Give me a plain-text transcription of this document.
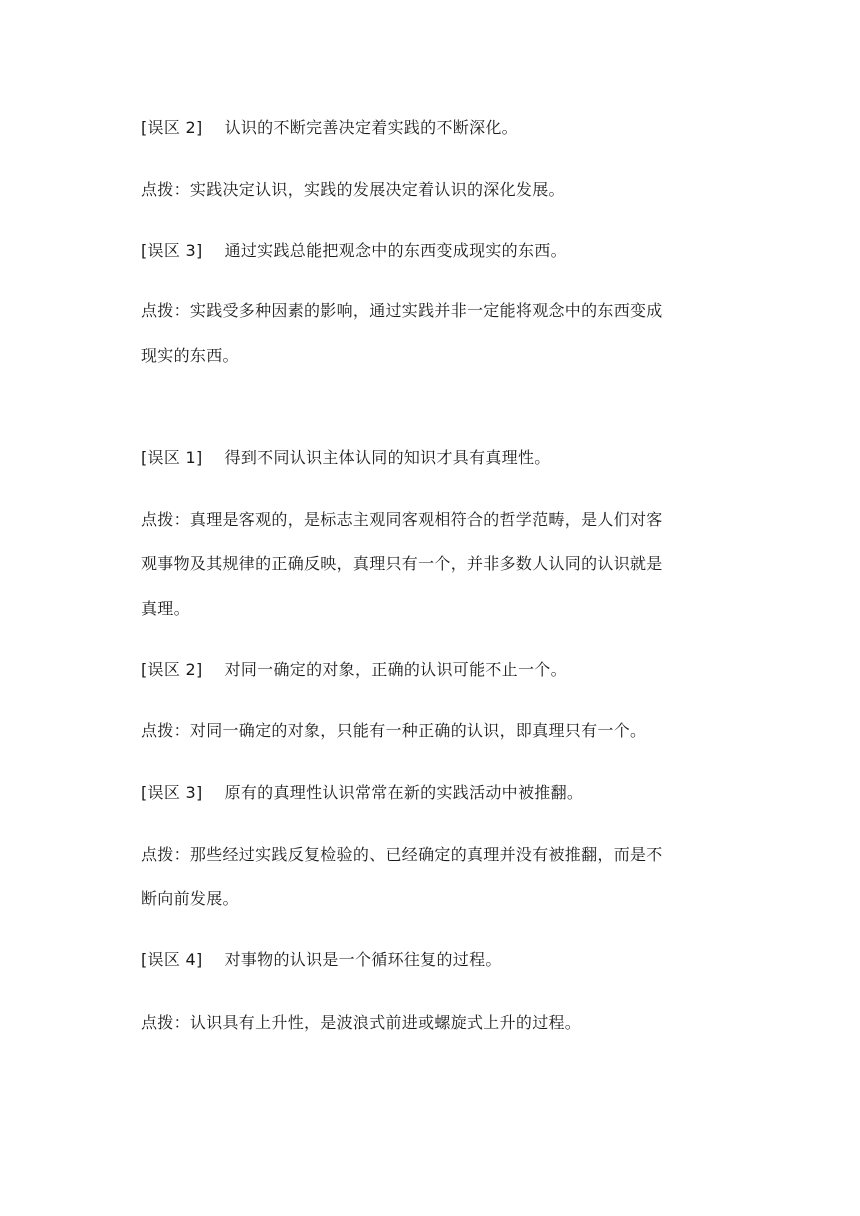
[误区 2] 认识的不断完善决定着实践的不断深化。
点拨：实践决定认识，实践的发展决定着认识的深化发展。
[误区 3] 通过实践总能把观念中的东西变成现实的东西。
点拨：实践受多种因素的影响，通过实践并非一定能将观念中的东西变成
现实的东西。
[误区 1] 得到不同认识主体认同的知识才具有真理性。
点拨：真理是客观的，是标志主观同客观相符合的哲学范畴，是人们对客
观事物及其规律的正确反映，真理只有一个，并非多数人认同的认识就是
真理。
[误区 2] 对同一确定的对象，正确的认识可能不止一个。
点拨：对同一确定的对象，只能有一种正确的认识，即真理只有一个。
[误区 3] 原有的真理性认识常常在新的实践活动中被推翻。
点拨：那些经过实践反复检验的、已经确定的真理并没有被推翻，而是不
断向前发展。
[误区 4] 对事物的认识是一个循环往复的过程。
点拨：认识具有上升性，是波浪式前进或螺旋式上升的过程。
